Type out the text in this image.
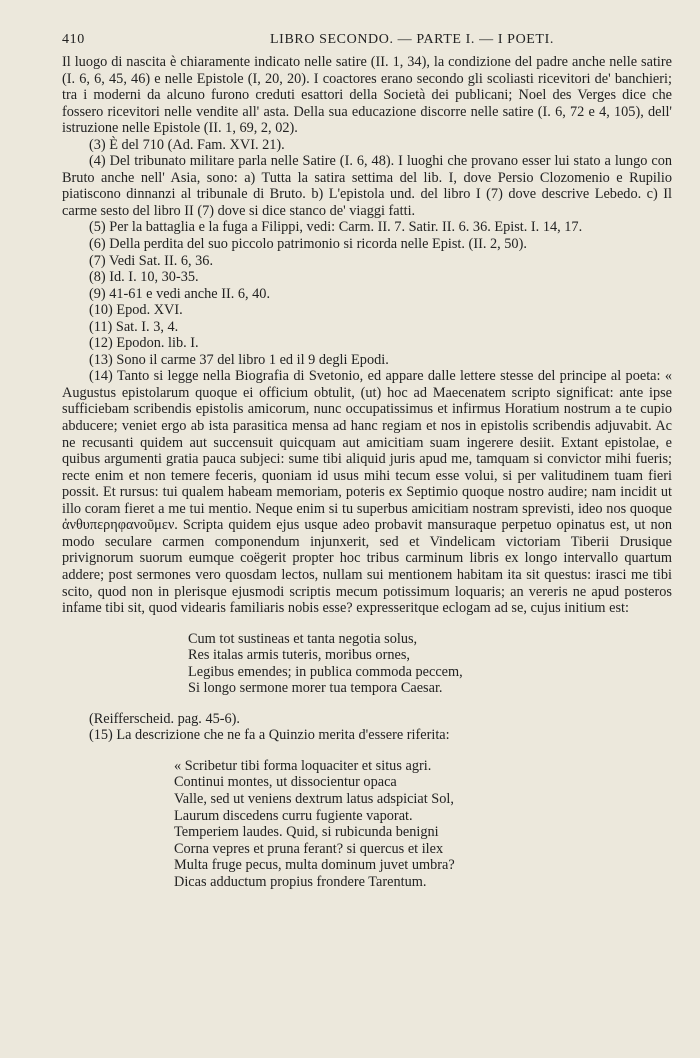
410	LIBRO SECONDO. — PARTE I. — I POETI.

Il luogo di nascita è chiaramente indicato nelle satire (II. 1, 34), la condizione del padre anche nelle satire (I. 6, 6, 45, 46) e nelle Epistole (I, 20, 20). I coactores erano secondo gli scoliasti ricevitori de' banchieri; tra i moderni da alcuno furono creduti esattori della Società dei publicani; Noel des Verges dice che fossero ricevitori nelle vendite all' asta. Della sua educazione discorre nelle satire (I. 6, 72 e 4, 105), dell' istruzione nelle Epistole (II. 1, 69, 2, 02).

(3) È del 710 (Ad. Fam. XVI. 21).

(4) Del tribunato militare parla nelle Satire (I. 6, 48). I luoghi che provano esser lui stato a lungo con Bruto anche nell' Asia, sono: a) Tutta la satira settima del lib. I, dove Persio Clozomenio e Rupilio piatiscono dinnanzi al tribunale di Bruto. b) L'epistola und. del libro I (7) dove descrive Lebedo. c) Il carme sesto del libro II (7) dove si dice stanco de' viaggi fatti.

(5) Per la battaglia e la fuga a Filippi, vedi: Carm. II. 7. Satir. II. 6. 36. Epist. I. 14, 17.

(6) Della perdita del suo piccolo patrimonio si ricorda nelle Epist. (II. 2, 50).

(7) Vedi Sat. II. 6, 36.

(8) Id. I. 10, 30-35.

(9) 41-61 e vedi anche II. 6, 40.

(10) Epod. XVI.

(11) Sat. I. 3, 4.

(12) Epodon. lib. I.

(13) Sono il carme 37 del libro 1 ed il 9 degli Epodi.

(14) Tanto si legge nella Biografia di Svetonio, ed appare dalle lettere stesse del principe al poeta: « Augustus epistolarum quoque ei officium obtulit, (ut) hoc ad Maecenatem scripto significat: ante ipse sufficiebam scribendis epistolis amicorum, nunc occupatissimus et infirmus Horatium nostrum a te cupio abducere; veniet ergo ab ista parasitica mensa ad hanc regiam et nos in epistolis scribendis adjuvabit. Ac ne recusanti quidem aut succensuit quicquam aut amicitiam suam ingerere desiit. Extant epistolae, e quibus argumenti gratia pauca subjeci: sume tibi aliquid juris apud me, tamquam si convictor mihi fueris; recte enim et non temere feceris, quoniam id usus mihi tecum esse volui, si per valitudinem tuam fieri possit. Et rursus: tui qualem habeam memoriam, poteris ex Septimio quoque nostro audire; nam incidit ut illo coram fieret a me tui mentio. Neque enim si tu superbus amicitiam nostram sprevisti, ideo nos quoque ἀνθυπερηφανοῦμεν. Scripta quidem ejus usque adeo probavit mansuraque perpetuo opinatus est, ut non modo seculare carmen componendum injunxerit, sed et Vindelicam victoriam Tiberii Drusique privignorum suorum eumque coëgerit propter hoc tribus carminum libris ex longo intervallo quartum addere; post sermones vero quosdam lectos, nullam sui mentionem habitam ita sit questus: irasci me tibi scito, quod non in plerisque ejusmodi scriptis mecum potissimum loquaris; an vereris ne apud posteros infame tibi sit, quod videaris familiaris nobis esse? expresseritque eclogam ad se, cujus initium est:

Cum tot sustineas et tanta negotia solus,
Res italas armis tuteris, moribus ornes,
Legibus emendes; in publica commoda peccem,
Si longo sermone morer tua tempora Caesar.

(Reifferscheid. pag. 45-6).

(15) La descrizione che ne fa a Quinzio merita d'essere riferita:

« Scribetur tibi forma loquaciter et situs agri.
Continui montes, ut dissocientur opaca
Valle, sed ut veniens dextrum latus adspiciat Sol,
Laurum discedens curru fugiente vaporat.
Temperiem laudes. Quid, si rubicunda benigni
Corna vepres et pruna ferant? si quercus et ilex
Multa fruge pecus, multa dominum juvet umbra?
Dicas adductum propius frondere Tarentum.
